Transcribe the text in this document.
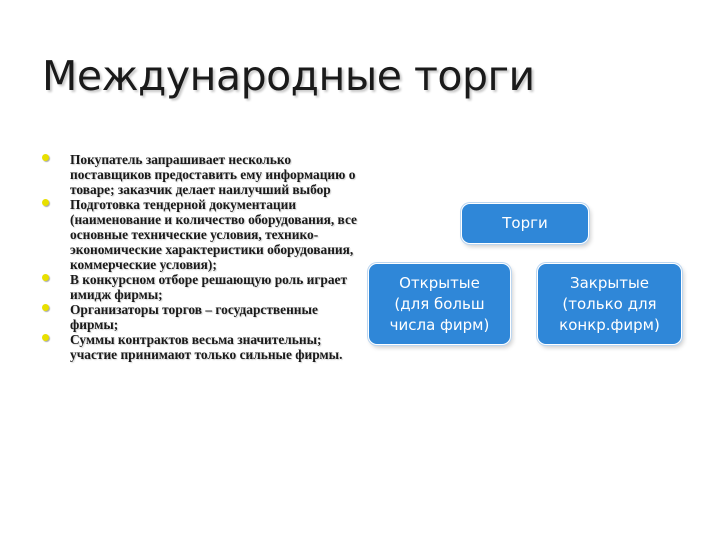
Международные торги
Покупатель запрашивает несколько поставщиков предоставить ему информацию о товаре; заказчик делает наилучший выбор
Подготовка тендерной документации (наименование и количество оборудования, все основные технические условия, технико-экономические характеристики оборудования, коммерческие условия);
В конкурсном отборе решающую роль играет имидж фирмы;
Организаторы торгов – государственные фирмы;
Суммы контрактов весьма значительны; участие принимают только сильные фирмы.
Торги
Открытые
(для больш
числа фирм)
Закрытые
(только для
конкр.фирм)
